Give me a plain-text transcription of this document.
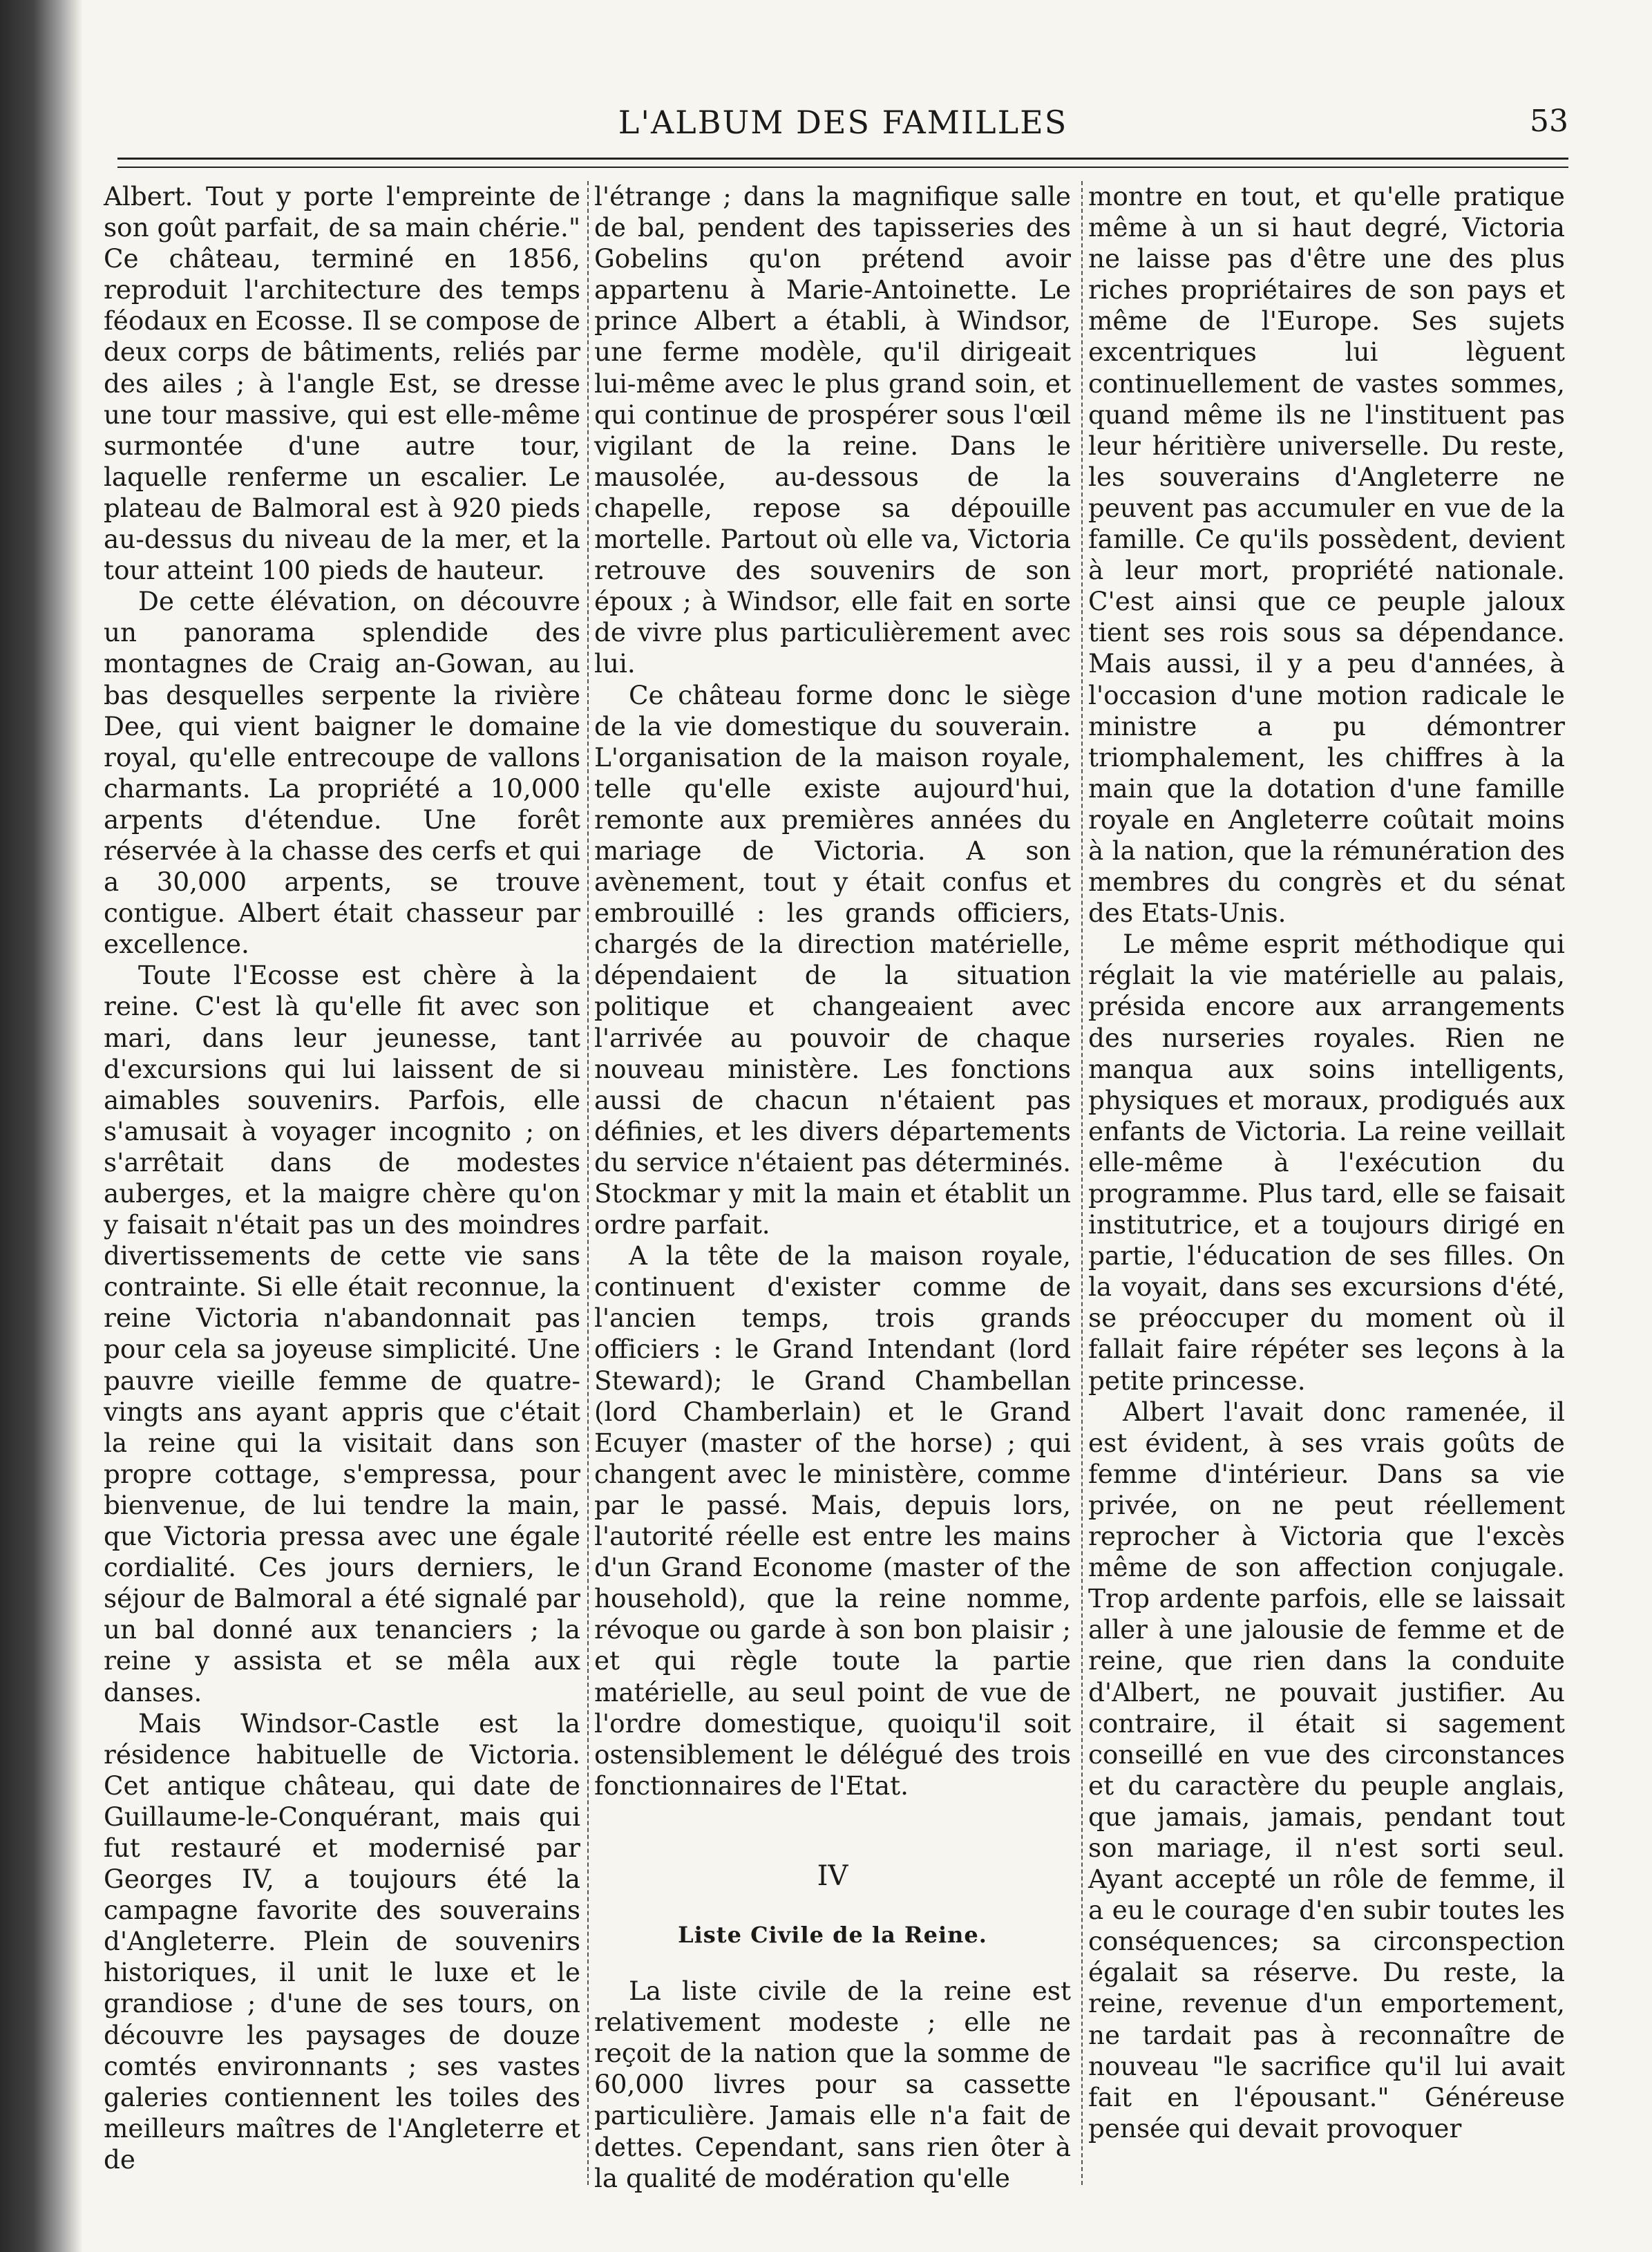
L'ALBUM DES FAMILLES	53

Albert. Tout y porte l'empreinte de son goût parfait, de sa main chérie." Ce château, terminé en 1856, reproduit l'architecture des temps féodaux en Ecosse. Il se compose de deux corps de bâtiments, reliés par des ailes ; à l'angle Est, se dresse une tour massive, qui est elle-même surmontée d'une autre tour, laquelle renferme un escalier. Le plateau de Balmoral est à 920 pieds au-dessus du niveau de la mer, et la tour atteint 100 pieds de hauteur.

De cette élévation, on découvre un panorama splendide des montagnes de Craig an-Gowan, au bas desquelles serpente la rivière Dee, qui vient baigner le domaine royal, qu'elle entrecoupe de vallons charmants. La propriété a 10,000 arpents d'étendue. Une forêt réservée à la chasse des cerfs et qui a 30,000 arpents, se trouve contigue. Albert était chasseur par excellence.

Toute l'Ecosse est chère à la reine. C'est là qu'elle fit avec son mari, dans leur jeunesse, tant d'excursions qui lui laissent de si aimables souvenirs. Parfois, elle s'amusait à voyager incognito ; on s'arrêtait dans de modestes auberges, et la maigre chère qu'on y faisait n'était pas un des moindres divertissements de cette vie sans contrainte. Si elle était reconnue, la reine Victoria n'abandonnait pas pour cela sa joyeuse simplicité. Une pauvre vieille femme de quatre-vingts ans ayant appris que c'était la reine qui la visitait dans son propre cottage, s'empressa, pour bienvenue, de lui tendre la main, que Victoria pressa avec une égale cordialité. Ces jours derniers, le séjour de Balmoral a été signalé par un bal donné aux tenanciers ; la reine y assista et se mêla aux danses.

Mais Windsor-Castle est la résidence habituelle de Victoria. Cet antique château, qui date de Guillaume-le-Conquérant, mais qui fut restauré et modernisé par Georges IV, a toujours été la campagne favorite des souverains d'Angleterre. Plein de souvenirs historiques, il unit le luxe et le grandiose ; d'une de ses tours, on découvre les paysages de douze comtés environnants ; ses vastes galeries contiennent les toiles des meilleurs maîtres de l'Angleterre et de

l'étrange ; dans la magnifique salle de bal, pendent des tapisseries des Gobelins qu'on prétend avoir appartenu à Marie-Antoinette. Le prince Albert a établi, à Windsor, une ferme modèle, qu'il dirigeait lui-même avec le plus grand soin, et qui continue de prospérer sous l'œil vigilant de la reine. Dans le mausolée, au-dessous de la chapelle, repose sa dépouille mortelle. Partout où elle va, Victoria retrouve des souvenirs de son époux ; à Windsor, elle fait en sorte de vivre plus particulièrement avec lui.

Ce château forme donc le siège de la vie domestique du souverain. L'organisation de la maison royale, telle qu'elle existe aujourd'hui, remonte aux premières années du mariage de Victoria. A son avènement, tout y était confus et embrouillé : les grands officiers, chargés de la direction matérielle, dépendaient de la situation politique et changeaient avec l'arrivée au pouvoir de chaque nouveau ministère. Les fonctions aussi de chacun n'étaient pas définies, et les divers départements du service n'étaient pas déterminés. Stockmar y mit la main et établit un ordre parfait.

A la tête de la maison royale, continuent d'exister comme de l'ancien temps, trois grands officiers : le Grand Intendant (lord Steward); le Grand Chambellan (lord Chamberlain) et le Grand Ecuyer (master of the horse) ; qui changent avec le ministère, comme par le passé. Mais, depuis lors, l'autorité réelle est entre les mains d'un Grand Econome (master of the household), que la reine nomme, révoque ou garde à son bon plaisir ; et qui règle toute la partie matérielle, au seul point de vue de l'ordre domestique, quoiqu'il soit ostensiblement le délégué des trois fonctionnaires de l'Etat.

IV
Liste Civile de la Reine.

La liste civile de la reine est relativement modeste ; elle ne reçoit de la nation que la somme de 60,000 livres pour sa cassette particulière. Jamais elle n'a fait de dettes. Cependant, sans rien ôter à la qualité de modération qu'elle

montre en tout, et qu'elle pratique même à un si haut degré, Victoria ne laisse pas d'être une des plus riches propriétaires de son pays et même de l'Europe. Ses sujets excentriques lui lèguent continuellement de vastes sommes, quand même ils ne l'instituent pas leur héritière universelle. Du reste, les souverains d'Angleterre ne peuvent pas accumuler en vue de la famille. Ce qu'ils possèdent, devient à leur mort, propriété nationale. C'est ainsi que ce peuple jaloux tient ses rois sous sa dépendance. Mais aussi, il y a peu d'années, à l'occasion d'une motion radicale le ministre a pu démontrer triomphalement, les chiffres à la main que la dotation d'une famille royale en Angleterre coûtait moins à la nation, que la rémunération des membres du congrès et du sénat des Etats-Unis.

Le même esprit méthodique qui réglait la vie matérielle au palais, présida encore aux arrangements des nurseries royales. Rien ne manqua aux soins intelligents, physiques et moraux, prodigués aux enfants de Victoria. La reine veillait elle-même à l'exécution du programme. Plus tard, elle se faisait institutrice, et a toujours dirigé en partie, l'éducation de ses filles. On la voyait, dans ses excursions d'été, se préoccuper du moment où il fallait faire répéter ses leçons à la petite princesse.

Albert l'avait donc ramenée, il est évident, à ses vrais goûts de femme d'intérieur. Dans sa vie privée, on ne peut réellement reprocher à Victoria que l'excès même de son affection conjugale. Trop ardente parfois, elle se laissait aller à une jalousie de femme et de reine, que rien dans la conduite d'Albert, ne pouvait justifier. Au contraire, il était si sagement conseillé en vue des circonstances et du caractère du peuple anglais, que jamais, jamais, pendant tout son mariage, il n'est sorti seul. Ayant accepté un rôle de femme, il a eu le courage d'en subir toutes les conséquences; sa circonspection égalait sa réserve. Du reste, la reine, revenue d'un emportement, ne tardait pas à reconnaître de nouveau "le sacrifice qu'il lui avait fait en l'épousant." Généreuse pensée qui devait provoquer
